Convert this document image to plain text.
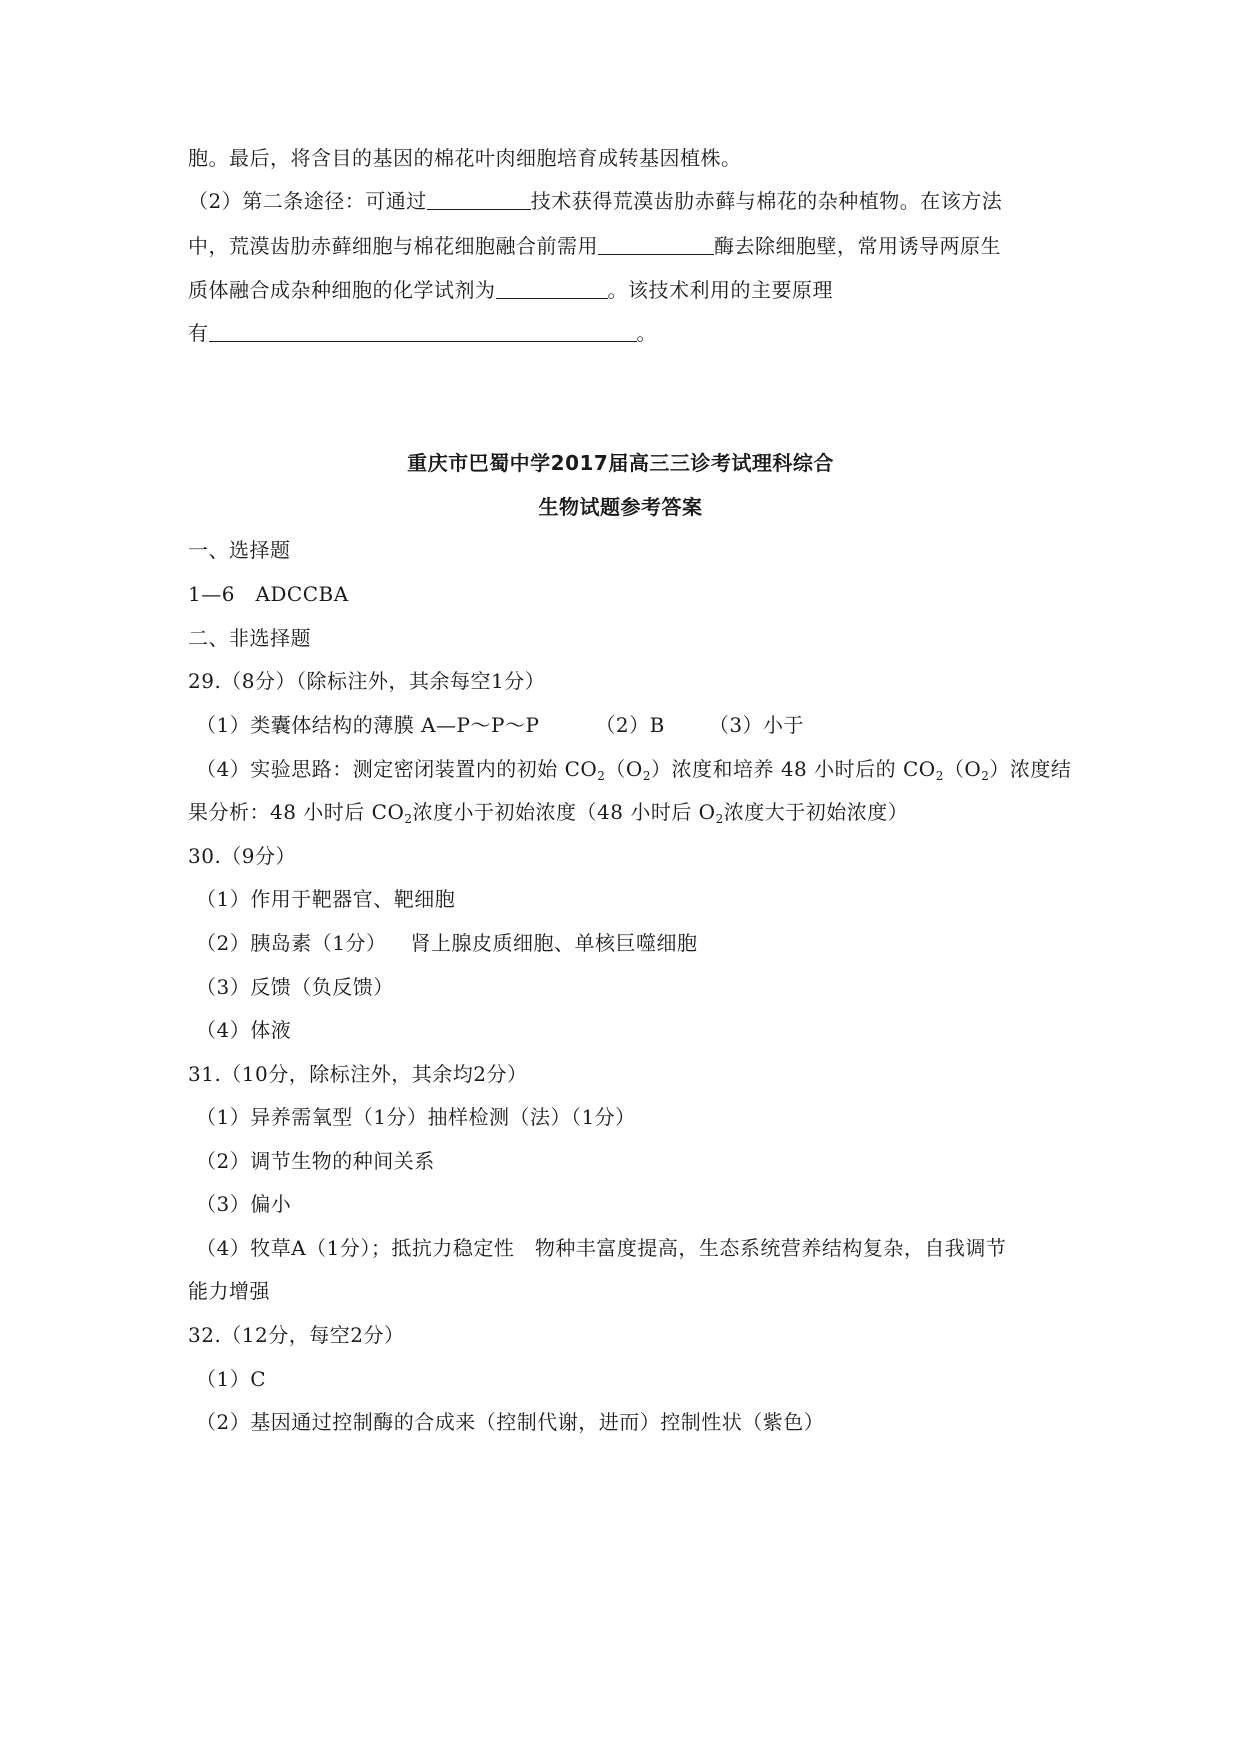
胞。最后，将含目的基因的棉花叶肉细胞培育成转基因植株。
（2）第二条途径：可通过	技术获得荒漠齿肋赤藓与棉花的杂种植物。在该方法
中，荒漠齿肋赤藓细胞与棉花细胞融合前需用	酶去除细胞壁，常用诱导两原生
质体融合成杂种细胞的化学试剂为	。该技术利用的主要原理
有	。
重庆市巴蜀中学2017届高三三诊考试理科综合
生物试题参考答案
一、选择题
1—6　ADCCBA
二、非选择题
29.（8分）（除标注外，其余每空1分）
（1）类囊体结构的薄膜 A—P～P～P	（2）B （3）小于
（4）实验思路：测定密闭装置内的初始 $CO_2(O_2)$浓度和培养 48 小时后的 $CO_2(O_2)$浓度结
果分析：48 小时后 $CO_2$浓度小于初始浓度（48 小时后 $O_2$浓度大于初始浓度）
30.（9分）
（1）作用于靶器官、靶细胞
（2）胰岛素（1分） 肾上腺皮质细胞、单核巨噬细胞
（3）反馈（负反馈）
（4）体液
31.（10分，除标注外，其余均2分）
（1）异养需氧型（1分）抽样检测（法）（1分）
（2）调节生物的种间关系
（3）偏小
（4）牧草A（1分）；抵抗力稳定性　物种丰富度提高，生态系统营养结构复杂，自我调节
能力增强
32.（12分，每空2分）
（1）C
（2）基因通过控制酶的合成来（控制代谢，进而）控制性状（紫色）
